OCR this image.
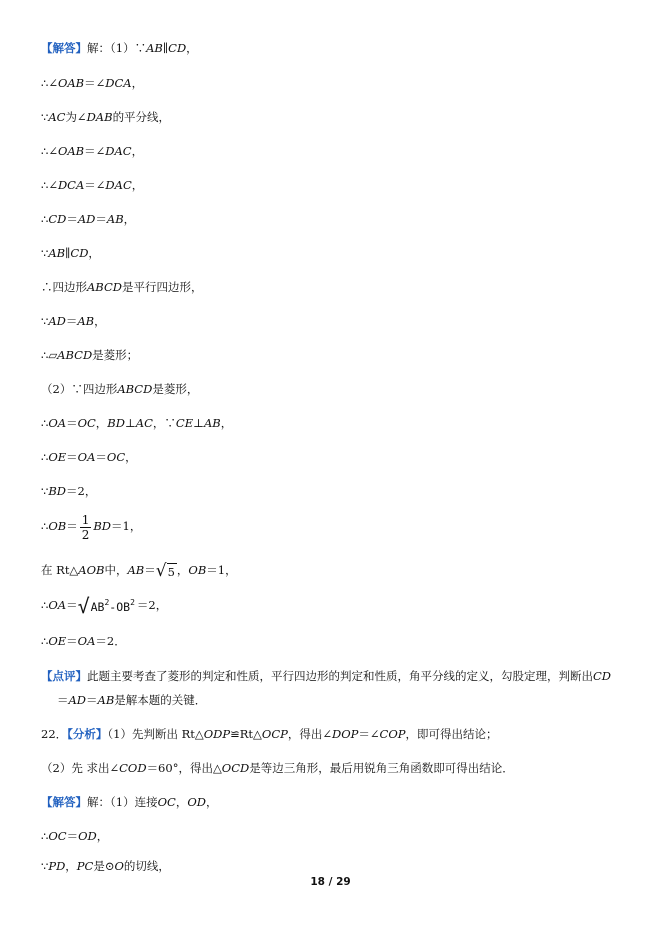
【解答】解：（1）∵AB∥CD，
∴∠OAB＝∠DCA，
∵AC为∠DAB的平分线，
∴∠OAB＝∠DAC，
∴∠DCA＝∠DAC，
∴CD＝AD＝AB，
∵AB∥CD，
∴四边形ABCD是平行四边形，
∵AD＝AB，
∴▱ABCD是菱形；
（2）∵四边形ABCD是菱形，
∴OA＝OC，BD⊥AC，∵CE⊥AB，
∴OE＝OA＝OC，
∵BD＝2，
∴OB＝ $\frac{1}{2} BD=1$，
在 Rt△AOB中，AB＝ √ 5 ，OB＝1，
∴OA＝ √ $AB^2-OB^2 =2$，
∴OE＝OA＝2．
【点评】此题主要考查了菱形的判定和性质，平行四边形的判定和性质，角平分线的定义，勾股定理，判断出CD
＝AD＝AB是解本题的关键．
22．【分析】（1）先判断出 Rt△ODP≌Rt△OCP，得出∠DOP＝∠COP，即可得出结论；
（2）先 求出∠COD＝60°，得出△OCD是等边三角形，最后用锐角三角函数即可得出结论．
【解答】解：（1）连接OC，OD，
∴OC＝OD，
∵PD，PC是⊙O的切线，
18 / 29
